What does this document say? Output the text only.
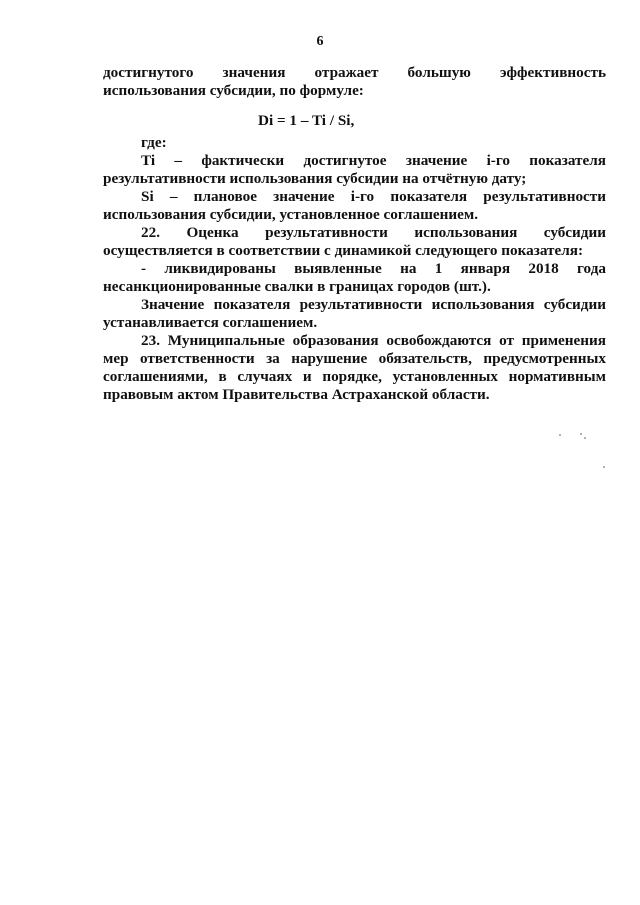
6

достигнутого значения отражает большую эффективность использования субсидии, по формуле:

Di = 1 – Ti / Si,

где:

Ti – фактически достигнутое значение i-го показателя результативности использования субсидии на отчётную дату;

Si – плановое значение i-го показателя результативности использования субсидии, установленное соглашением.

22. Оценка результативности использования субсидии осуществляется в соответствии с динамикой следующего показателя:

- ликвидированы выявленные на 1 января 2018 года несанкционированные свалки в границах городов (шт.).

Значение показателя результативности использования субсидии устанавливается соглашением.

23. Муниципальные образования освобождаются от применения мер ответственности за нарушение обязательств, предусмотренных соглашениями, в случаях и порядке, установленных нормативным правовым актом Правительства Астраханской области.
